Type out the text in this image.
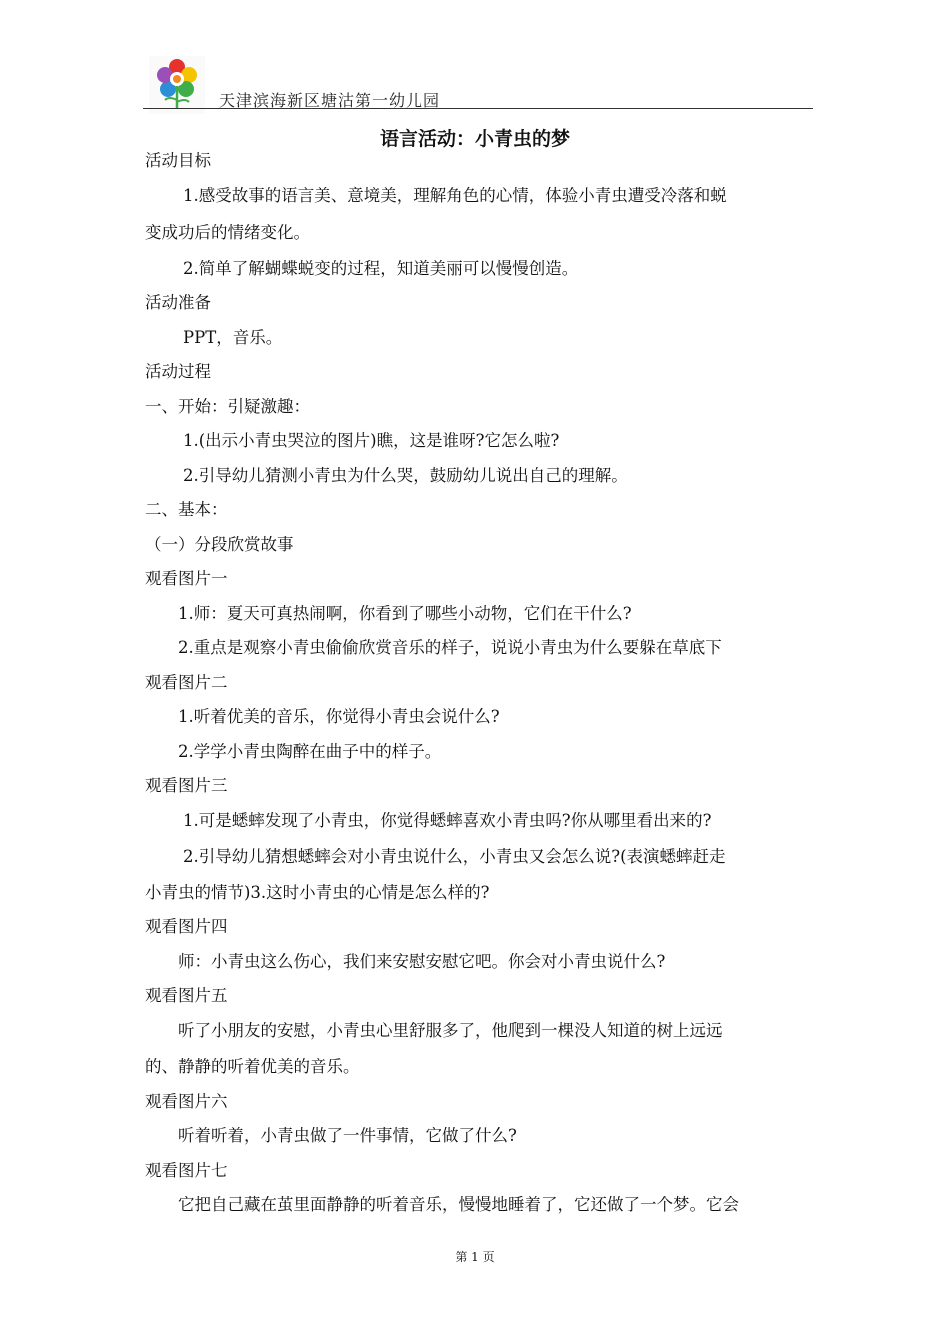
天津滨海新区塘沽第一幼儿园
语言活动：小青虫的梦
活动目标
1.感受故事的语言美、意境美，理解角色的心情，体验小青虫遭受冷落和蜕
变成功后的情绪变化。
2.简单了解蝴蝶蜕变的过程，知道美丽可以慢慢创造。
活动准备
PPT，音乐。
活动过程
一、开始：引疑激趣：
1.(出示小青虫哭泣的图片)瞧，这是谁呀?它怎么啦?
2.引导幼儿猜测小青虫为什么哭，鼓励幼儿说出自己的理解。
二、基本：
（一）分段欣赏故事
观看图片一
1.师：夏天可真热闹啊，你看到了哪些小动物，它们在干什么?
2.重点是观察小青虫偷偷欣赏音乐的样子，说说小青虫为什么要躲在草底下
观看图片二
1.听着优美的音乐，你觉得小青虫会说什么?
2.学学小青虫陶醉在曲子中的样子。
观看图片三
1.可是蟋蟀发现了小青虫，你觉得蟋蟀喜欢小青虫吗?你从哪里看出来的?
2.引导幼儿猜想蟋蟀会对小青虫说什么，小青虫又会怎么说?(表演蟋蟀赶走
小青虫的情节)3.这时小青虫的心情是怎么样的?
观看图片四
师：小青虫这么伤心，我们来安慰安慰它吧。你会对小青虫说什么?
观看图片五
听了小朋友的安慰，小青虫心里舒服多了，他爬到一棵没人知道的树上远远
的、静静的听着优美的音乐。
观看图片六
听着听着，小青虫做了一件事情，它做了什么?
观看图片七
它把自己藏在茧里面静静的听着音乐，慢慢地睡着了，它还做了一个梦。它会
第 1 页
